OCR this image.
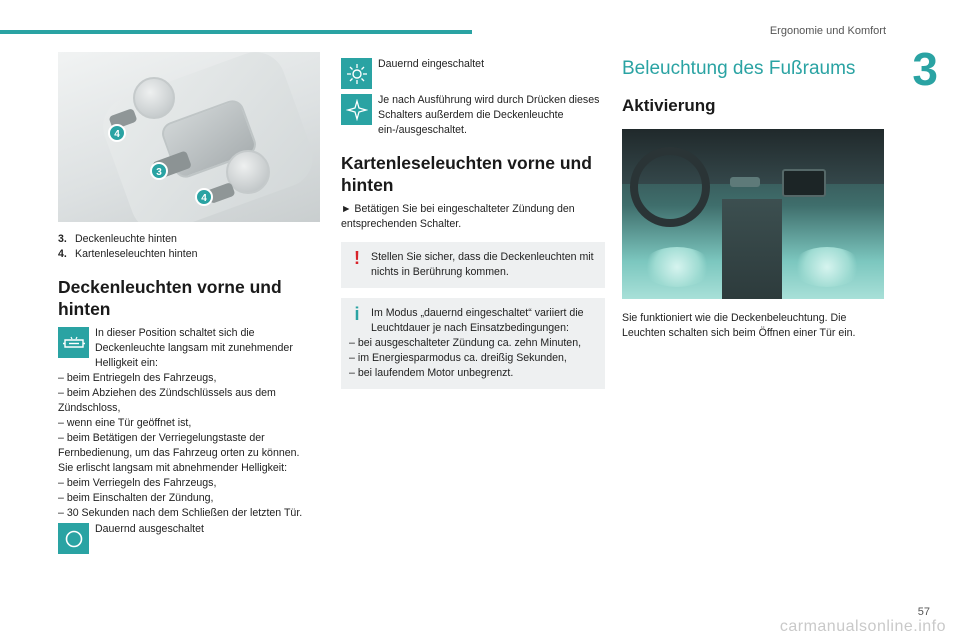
Ergonomie und Komfort
3
4
3
4
3. Deckenleuchte hinten
4. Kartenleseleuchten hinten
Deckenleuchten vorne und hinten
In dieser Position schaltet sich die Deckenleuchte langsam mit zunehmender Helligkeit ein:
– beim Entriegeln des Fahrzeugs,
– beim Abziehen des Zündschlüssels aus dem Zündschloss,
– wenn eine Tür geöffnet ist,
– beim Betätigen der Verriegelungstaste der Fernbedienung, um das Fahrzeug orten zu können.
Sie erlischt langsam mit abnehmender Helligkeit:
– beim Verriegeln des Fahrzeugs,
– beim Einschalten der Zündung,
– 30 Sekunden nach dem Schließen der letzten Tür.
Dauernd ausgeschaltet
Dauernd eingeschaltet
Je nach Ausführung wird durch Drücken dieses Schalters außerdem die Deckenleuchte ein-/ausgeschaltet.
Kartenleseleuchten vorne und hinten
► Betätigen Sie bei eingeschalteter Zündung den entsprechenden Schalter.
! Stellen Sie sicher, dass die Deckenleuchten mit nichts in Berührung kommen.
i	Im Modus „dauernd eingeschaltet“ variiert die Leuchtdauer je nach Einsatzbedingungen:
– bei ausgeschalteter Zündung ca. zehn Minuten,
– im Energiesparmodus ca. dreißig Sekunden,
– bei laufendem Motor unbegrenzt.
Beleuchtung des Fußraums
Aktivierung

Sie funktioniert wie die Deckenbeleuchtung. Die Leuchten schalten sich beim Öffnen einer Tür ein.

57
carmanualsonline.info
